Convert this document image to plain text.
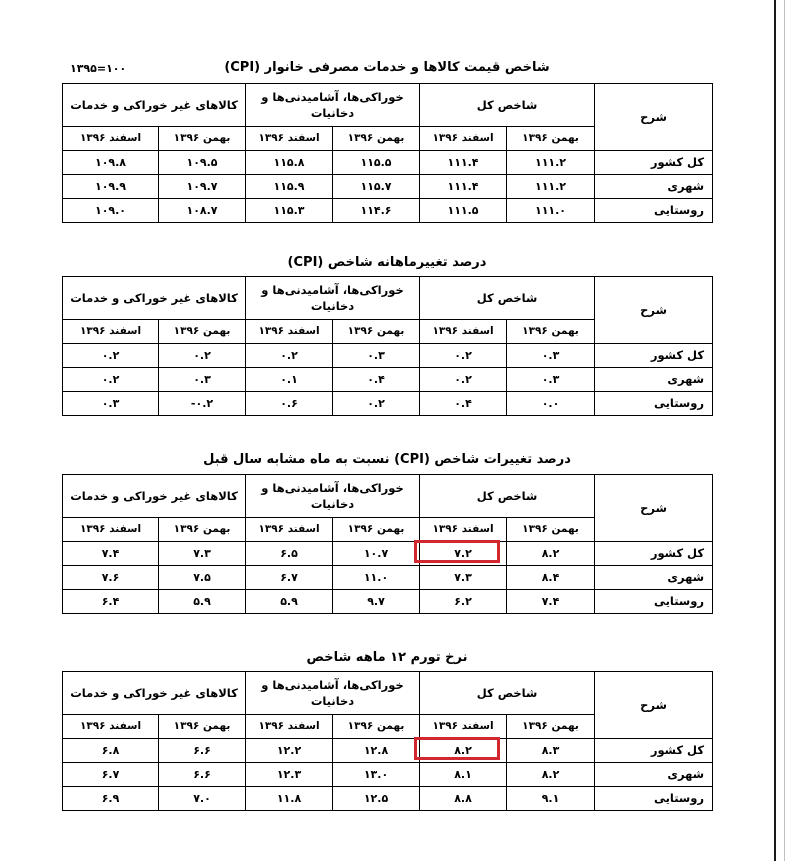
شاخص قیمت کالاها و خدمات مصرفی خانوار (CPI)
۱۳۹۵=۱۰۰
شرح	شاخص کل		خوراکی‌ها، آشامیدنی‌ها و دخانیات		کالاهای غیر خوراکی و خدمات	
	بهمن ۱۳۹۶	اسفند ۱۳۹۶	بهمن ۱۳۹۶	اسفند ۱۳۹۶	بهمن ۱۳۹۶	اسفند ۱۳۹۶
کل کشور	۱۱۱.۲	۱۱۱.۴	۱۱۵.۵	۱۱۵.۸	۱۰۹.۵	۱۰۹.۸
شهری	۱۱۱.۲	۱۱۱.۴	۱۱۵.۷	۱۱۵.۹	۱۰۹.۷	۱۰۹.۹
روستایی	۱۱۱.۰	۱۱۱.۵	۱۱۴.۶	۱۱۵.۳	۱۰۸.۷	۱۰۹.۰
درصد تغییرماهانه شاخص (CPI)
شرح	شاخص کل		خوراکی‌ها، آشامیدنی‌ها و دخانیات		کالاهای غیر خوراکی و خدمات	
	بهمن ۱۳۹۶	اسفند ۱۳۹۶	بهمن ۱۳۹۶	اسفند ۱۳۹۶	بهمن ۱۳۹۶	اسفند ۱۳۹۶
کل کشور	۰.۳	۰.۲	۰.۳	۰.۲	۰.۲	۰.۲
شهری	۰.۳	۰.۲	۰.۴	۰.۱	۰.۳	۰.۲
روستایی	۰.۰	۰.۴	۰.۲	۰.۶	۰.۲-	۰.۳
درصد تغییرات شاخص (CPI) نسبت به ماه مشابه سال قبل
شرح	شاخص کل		خوراکی‌ها، آشامیدنی‌ها و دخانیات		کالاهای غیر خوراکی و خدمات	
	بهمن ۱۳۹۶	اسفند ۱۳۹۶	بهمن ۱۳۹۶	اسفند ۱۳۹۶	بهمن ۱۳۹۶	اسفند ۱۳۹۶
کل کشور	۸.۲	۷.۲	۱۰.۷	۶.۵	۷.۳	۷.۴
شهری	۸.۴	۷.۳	۱۱.۰	۶.۷	۷.۵	۷.۶
روستایی	۷.۴	۶.۲	۹.۷	۵.۹	۵.۹	۶.۴
نرخ تورم ۱۲ ماهه شاخص
شرح	شاخص کل		خوراکی‌ها، آشامیدنی‌ها و دخانیات		کالاهای غیر خوراکی و خدمات	
	بهمن ۱۳۹۶	اسفند ۱۳۹۶	بهمن ۱۳۹۶	اسفند ۱۳۹۶	بهمن ۱۳۹۶	اسفند ۱۳۹۶
کل کشور	۸.۳	۸.۲	۱۲.۸	۱۲.۲	۶.۶	۶.۸
شهری	۸.۲	۸.۱	۱۳.۰	۱۲.۳	۶.۶	۶.۷
روستایی	۹.۱	۸.۸	۱۲.۵	۱۱.۸	۷.۰	۶.۹
